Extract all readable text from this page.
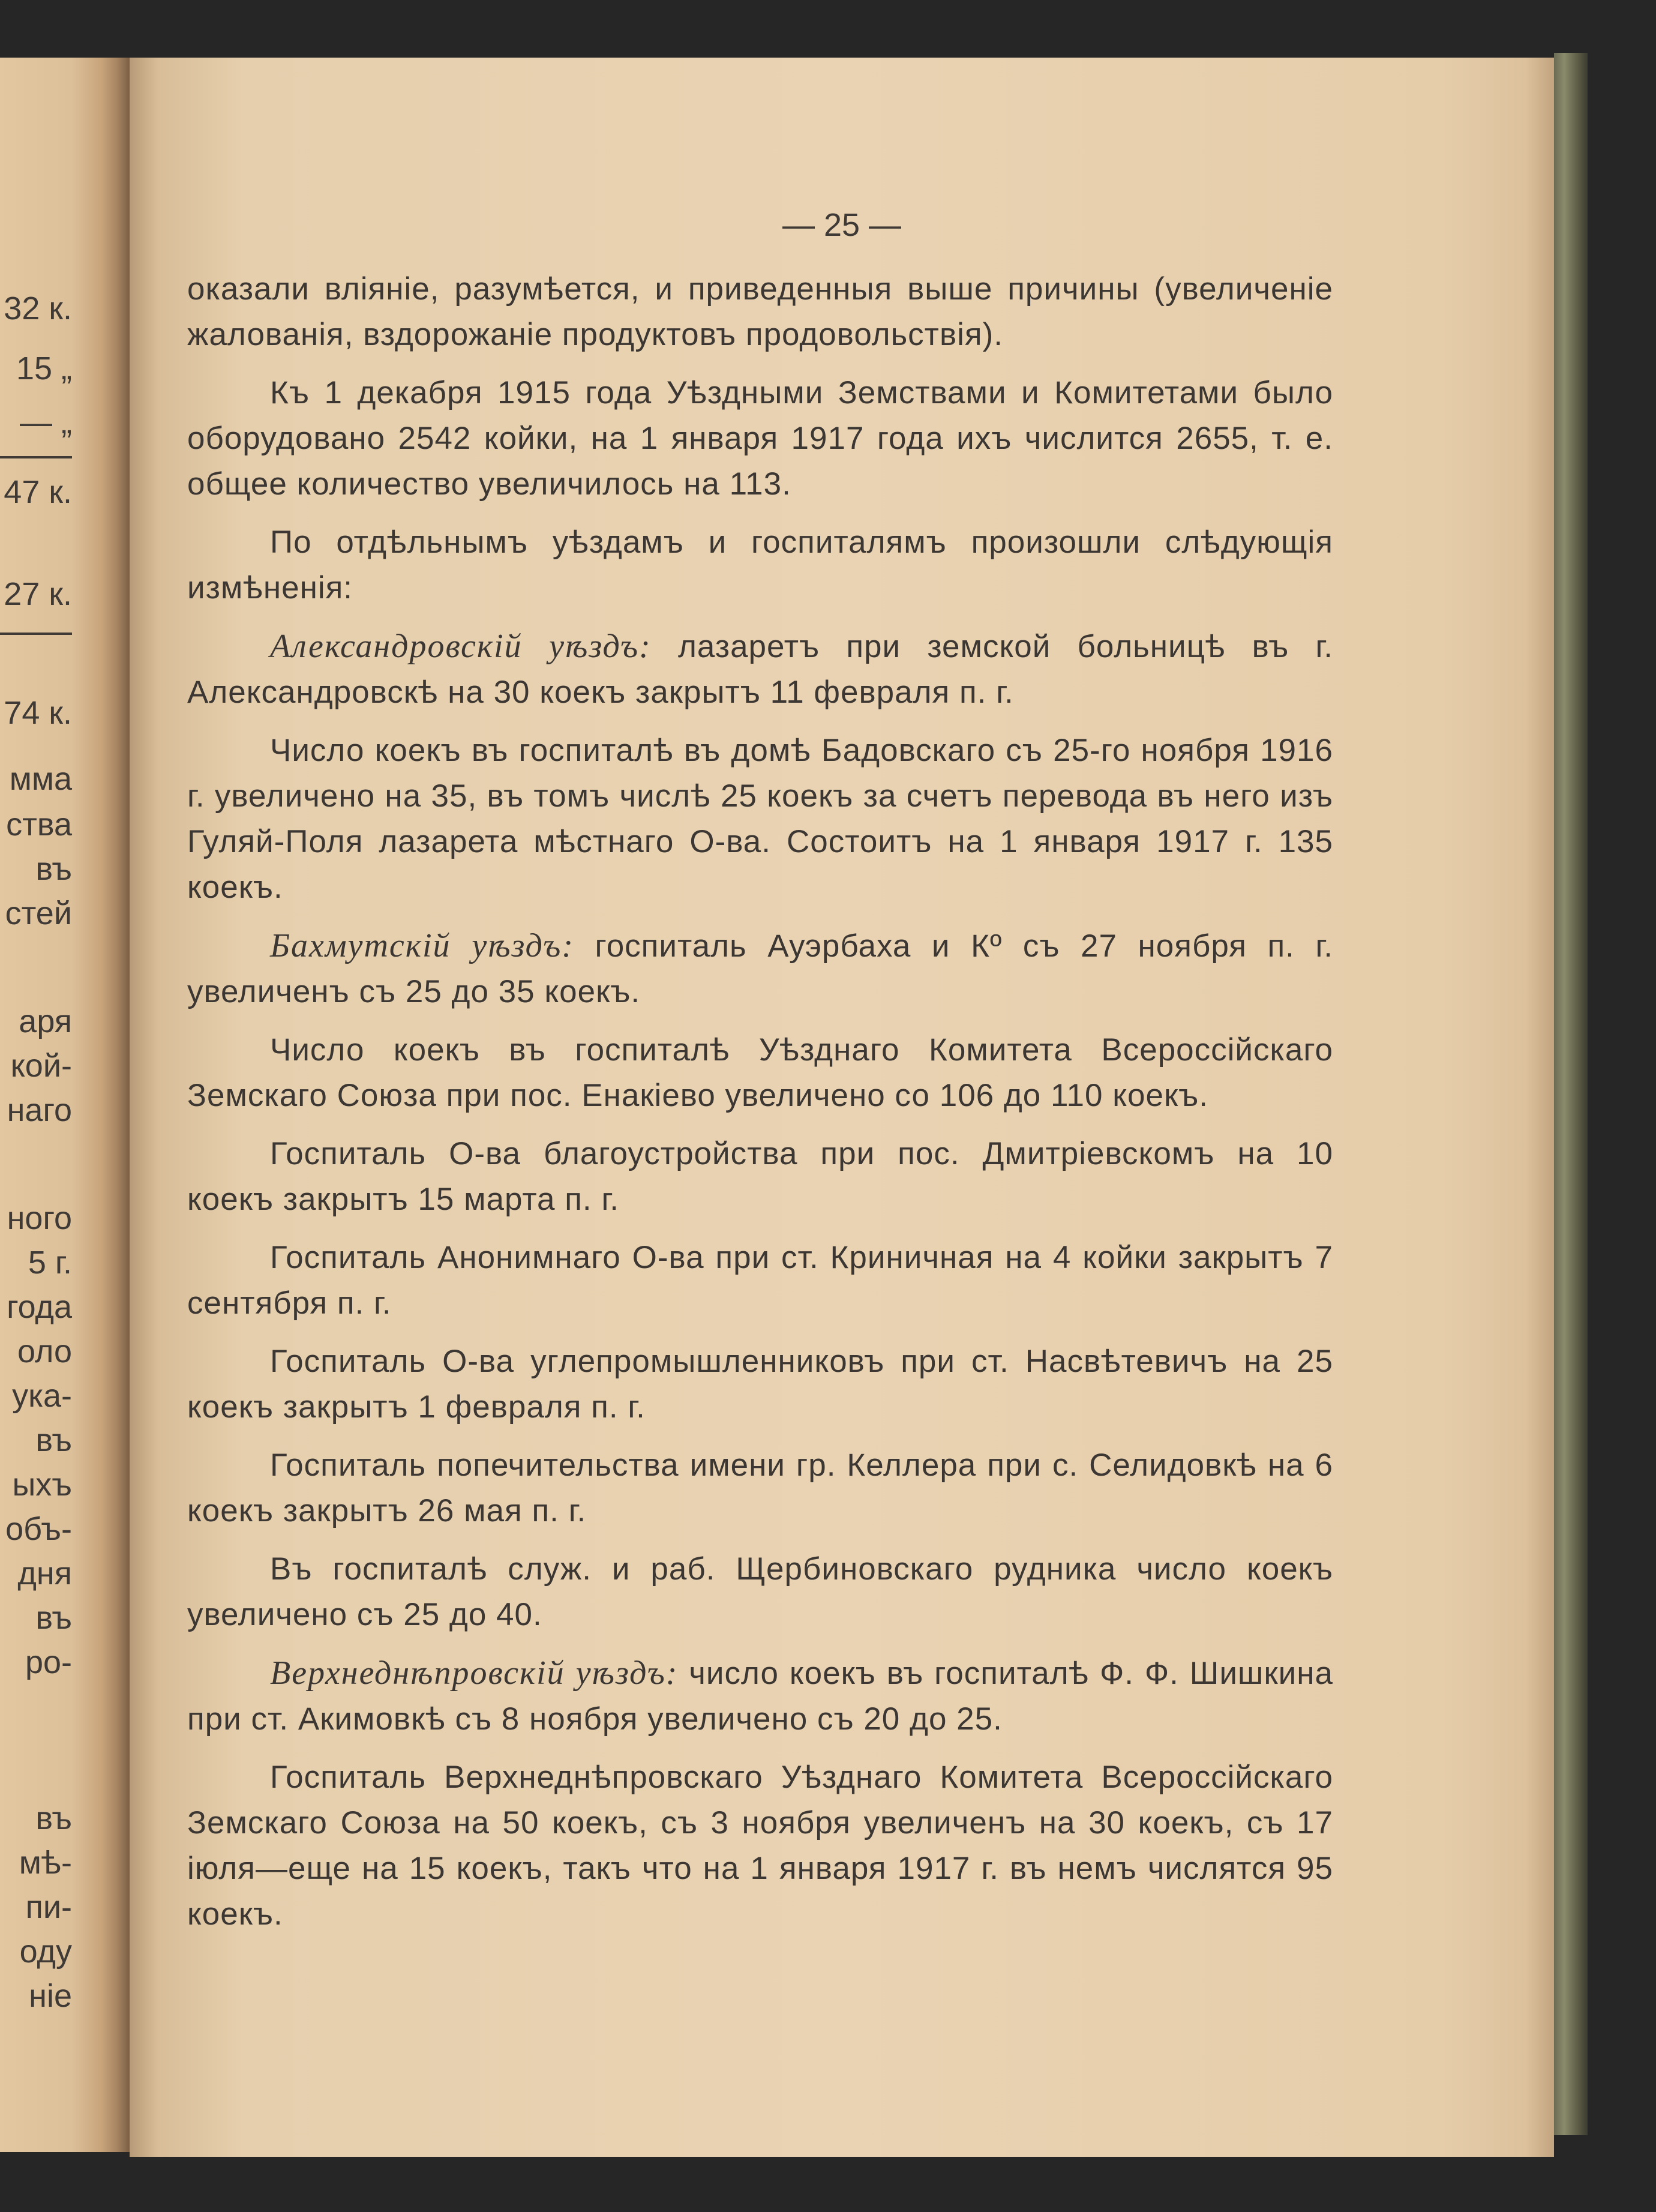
32 к.
15 „
— „
47 к.
27 к.
74 к.
мма
ства
въ
стей
аря
кой-
наго
ного
5 г.
года
оло
ука-
въ
ыхъ
объ-
дня
въ
ро-
въ
мѣ-
пи-
оду
ніе
— 25 —

оказали вліяніе, разумѣется, и приведенныя выше причины (увеличеніе жалованія, вздорожаніе продуктовъ продовольствія).

Къ 1 декабря 1915 года Уѣздными Земствами и Комитетами было оборудовано 2542 койки, на 1 января 1917 года ихъ числится 2655, т. е. общее количество увеличилось на 113.

По отдѣльнымъ уѣздамъ и госпиталямъ произошли слѣдующія измѣненія:

Александровскій уѣздъ: лазаретъ при земской больницѣ въ г. Александровскѣ на 30 коекъ закрытъ 11 февраля п. г.

Число коекъ въ госпиталѣ въ домѣ Бадовскаго съ 25-го ноября 1916 г. увеличено на 35, въ томъ числѣ 25 коекъ за счетъ перевода въ него изъ Гуляй-Поля лазарета мѣстнаго О-ва. Состоитъ на 1 января 1917 г. 135 коекъ.

Бахмутскій уѣздъ: госпиталь Ауэрбаха и Кº съ 27 ноября п. г. увеличенъ съ 25 до 35 коекъ.

Число коекъ въ госпиталѣ Уѣзднаго Комитета Всероссійскаго Земскаго Союза при пос. Енакіево увеличено со 106 до 110 коекъ.

Госпиталь О-ва благоустройства при пос. Дмитріевскомъ на 10 коекъ закрытъ 15 марта п. г.

Госпиталь Анонимнаго О-ва при ст. Криничная на 4 койки закрытъ 7 сентября п. г.

Госпиталь О-ва углепромышленниковъ при ст. Насвѣтевичъ на 25 коекъ закрытъ 1 февраля п. г.

Госпиталь попечительства имени гр. Келлера при с. Селидовкѣ на 6 коекъ закрытъ 26 мая п. г.

Въ госпиталѣ служ. и раб. Щербиновскаго рудника число коекъ увеличено съ 25 до 40.

Верхнеднѣпровскій уѣздъ: число коекъ въ госпиталѣ Ф. Ф. Шишкина при ст. Акимовкѣ съ 8 ноября увеличено съ 20 до 25.

Госпиталь Верхнеднѣпровскаго Уѣзднаго Комитета Всероссійскаго Земскаго Союза на 50 коекъ, съ 3 ноября увеличенъ на 30 коекъ, съ 17 іюля—еще на 15 коекъ, такъ что на 1 января 1917 г. въ немъ числятся 95 коекъ.
